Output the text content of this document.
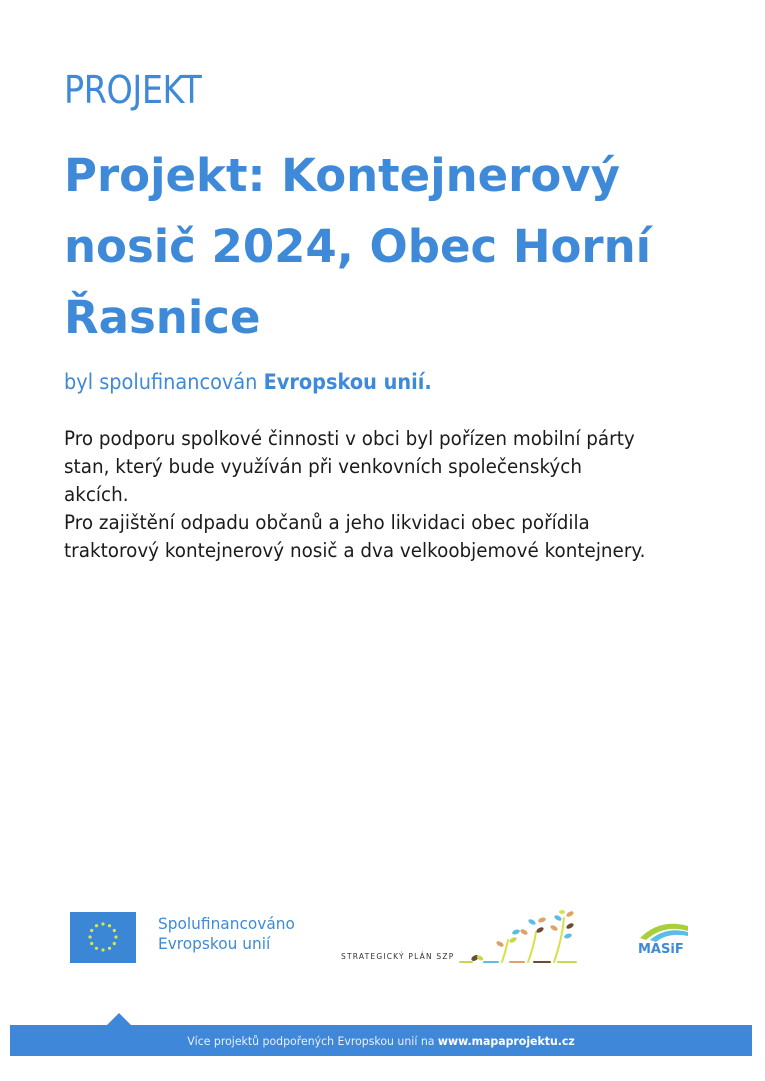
PROJEKT
Projekt: Kontejnerový nosič 2024, Obec Horní Řasnice
byl spolufinancován Evropskou unií.

Pro podporu spolkové činnosti v obci byl pořízen mobilní párty

stan, který bude využíván při venkovních společenských

akcích.

Pro zajištění odpadu občanů a jeho likvidaci obec pořídila

traktorový kontejnerový nosič a dva velkoobjemové kontejnery.

Spolufinancováno
Evropskou unií
STRATEGICKÝ PLÁN SZP	MASiF
Více projektů podpořených Evropskou unií na www.mapaprojektu.cz
